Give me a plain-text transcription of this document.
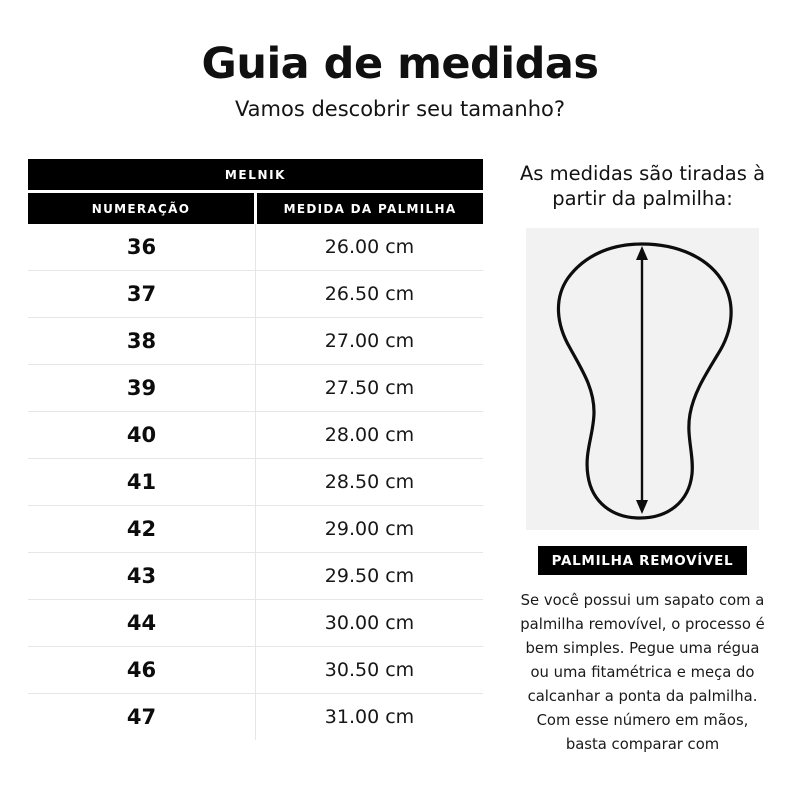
Guia de medidas
Vamos descobrir seu tamanho?
MELNIK	
NUMERAÇÃO	MEDIDA DA PALMILHA
36	26.00 cm
37	26.50 cm
38	27.00 cm
39	27.50 cm
40	28.00 cm
41	28.50 cm
42	29.00 cm
43	29.50 cm
44	30.00 cm
46	30.50 cm
47	31.00 cm
As medidas são tiradas à partir da palmilha:
PALMILHA REMOVÍVEL
Se você possui um sapato com a palmilha removível, o processo é bem simples. Pegue uma régua ou uma fitamétrica e meça do calcanhar a ponta da palmilha. Com esse número em mãos, basta comparar com
